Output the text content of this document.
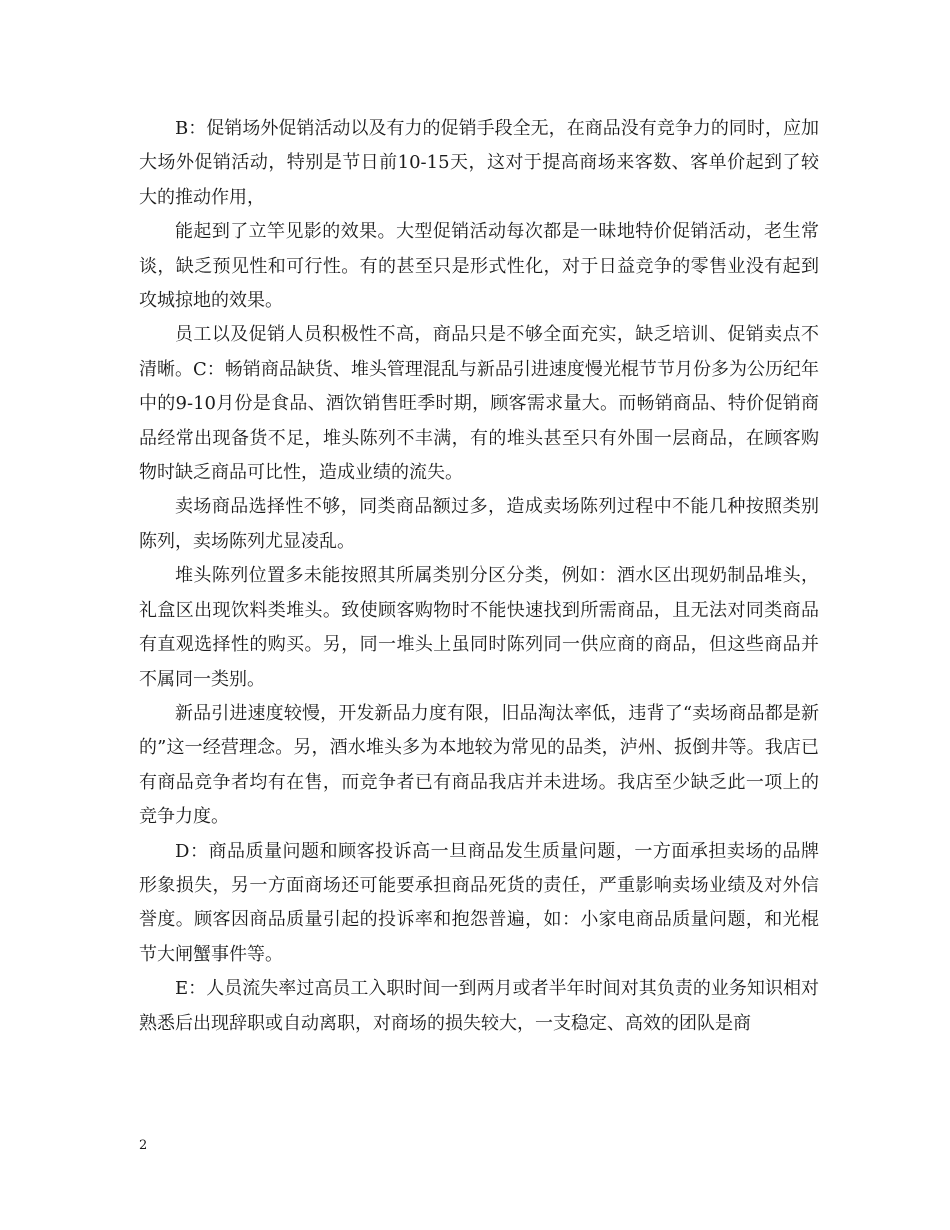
B：促销场外促销活动以及有力的促销手段全无，在商品没有竞争力的同时，应加大场外促销活动，特别是节日前10-15天，这对于提高商场来客数、客单价起到了较大的推动作用，

能起到了立竿见影的效果。大型促销活动每次都是一昧地特价促销活动，老生常谈，缺乏预见性和可行性。有的甚至只是形式性化，对于日益竞争的零售业没有起到攻城掠地的效果。

员工以及促销人员积极性不高，商品只是不够全面充实，缺乏培训、促销卖点不清晰。C：畅销商品缺货、堆头管理混乱与新品引进速度慢光棍节节月份多为公历纪年中的9-10月份是食品、酒饮销售旺季时期，顾客需求量大。而畅销商品、特价促销商品经常出现备货不足，堆头陈列不丰满，有的堆头甚至只有外围一层商品，在顾客购物时缺乏商品可比性，造成业绩的流失。

卖场商品选择性不够，同类商品额过多，造成卖场陈列过程中不能几种按照类别陈列，卖场陈列尤显凌乱。

堆头陈列位置多未能按照其所属类别分区分类，例如：酒水区出现奶制品堆头，礼盒区出现饮料类堆头。致使顾客购物时不能快速找到所需商品，且无法对同类商品有直观选择性的购买。另，同一堆头上虽同时陈列同一供应商的商品，但这些商品并不属同一类别。

新品引进速度较慢，开发新品力度有限，旧品淘汰率低，违背了“卖场商品都是新的”这一经营理念。另，酒水堆头多为本地较为常见的品类，泸州、扳倒井等。我店已有商品竞争者均有在售，而竞争者已有商品我店并未进场。我店至少缺乏此一项上的竞争力度。

D：商品质量问题和顾客投诉高一旦商品发生质量问题，一方面承担卖场的品牌形象损失，另一方面商场还可能要承担商品死货的责任，严重影响卖场业绩及对外信誉度。顾客因商品质量引起的投诉率和抱怨普遍，如：小家电商品质量问题，和光棍节大闸蟹事件等。

E：人员流失率过高员工入职时间一到两月或者半年时间对其负责的业务知识相对熟悉后出现辞职或自动离职，对商场的损失较大，一支稳定、高效的团队是商

2
